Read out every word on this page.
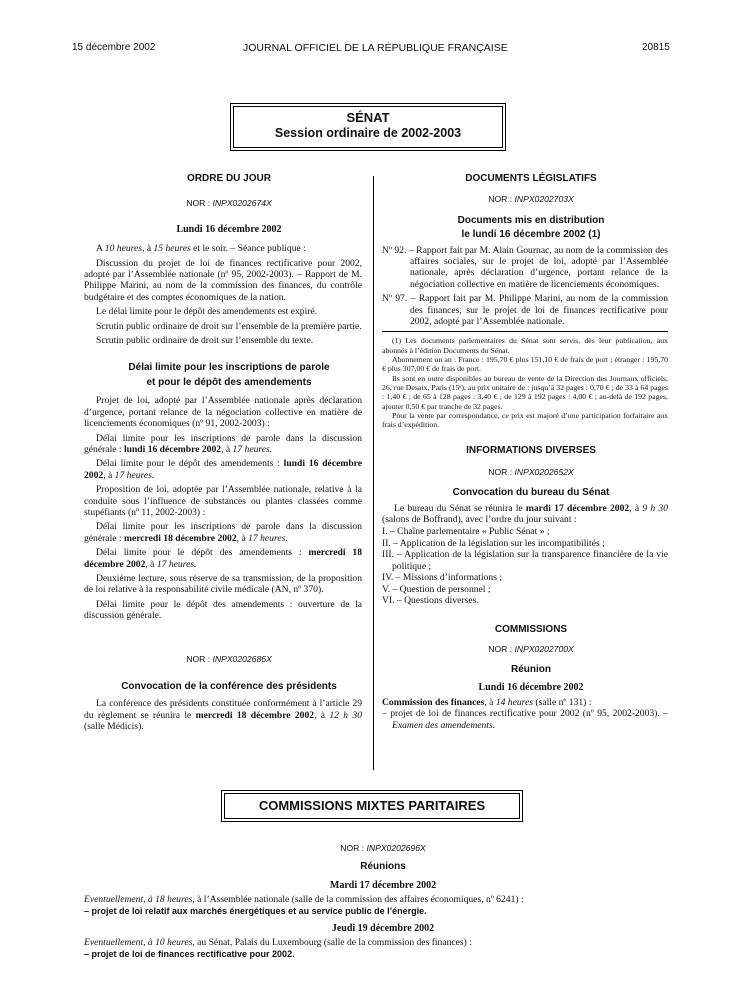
15 décembre 2002	JOURNAL OFFICIEL DE LA RÉPUBLIQUE FRANÇAISE	20815
SÉNAT
Session ordinaire de 2002-2003

ORDRE DU JOUR

NOR : INPX0202674X

Lundi 16 décembre 2002

A 10 heures, à 15 heures et le soir. – Séance publique :

Discussion du projet de loi de finances rectificative pour 2002, adopté par l’Assemblée nationale (nº 95, 2002-2003). – Rapport de M. Philippe Marini, au nom de la commission des finances, du contrôle budgétaire et des comptes économiques de la nation.

Le délai limite pour le dépôt des amendements est expiré.

Scrutin public ordinaire de droit sur l’ensemble de la première partie.

Scrutin public ordinaire de droit sur l’ensemble du texte.

Délai limite pour les inscriptions de parole

et pour le dépôt des amendements

Projet de loi, adopté par l’Assemblée nationale après déclaration d’urgence, portant relance de la négociation collective en matière de licenciements économiques (nº 91, 2002-2003) :

Délai limite pour les inscriptions de parole dans la discussion générale : lundi 16 décembre 2002, à 17 heures.

Délai limite pour le dépôt des amendements : lundi 16 décembre 2002, à 17 heures.

Proposition de loi, adoptée par l’Assemblée nationale, relative à la conduite sous l’influence de substances ou plantes classées comme stupéfiants (nº 11, 2002-2003) :

Délai limite pour les inscriptions de parole dans la discussion générale : mercredi 18 décembre 2002, à 17 heures.

Délai limite pour le dépôt des amendements : mercredi 18 décembre 2002, à 17 heures.

Deuxième lecture, sous réserve de sa transmission, de la proposition de loi relative à la responsabilité civile médicale (AN, nº 370).

Délai limite pour le dépôt des amendements : ouverture de la discussion générale.

NOR : INPX0202686X

Convocation de la conférence des présidents

La conférence des présidents constituée conformément à l’article 29 du règlement se réunira le mercredi 18 décembre 2002, à 12 h 30 (salle Médicis).

DOCUMENTS LÉGISLATIFS

NOR : INPX0202703X

Documents mis en distribution

le lundi 16 décembre 2002 (1)

Nº 92. – Rapport fait par M. Alain Gournac, au nom de la commission des affaires sociales, sur le projet de loi, adopté par l’Assemblée nationale, après déclaration d’urgence, portant relance de la négociation collective en matière de licenciements économiques.

Nº 97. – Rapport fait par M. Philippe Marini, au nom de la commission des finances, sur le projet de loi de finances rectificative pour 2002, adopté par l’Assemblée nationale.

(1) Les documents parlementaires du Sénat sont servis, dès leur publication, aux abonnés à l’édition Documents du Sénat.

Abonnement un an : France : 195,70 € plus 151,10 € de frais de port ; étranger : 195,70 € plus 307,00 € de frais de port.

Ils sont en outre disponibles au bureau de vente de la Direction des Journaux officiels, 26, rue Desaix, Paris (15ᵉ), au prix unitaire de : jusqu’à 32 pages : 0,70 € ; de 33 à 64 pages : 1,40 € ; de 65 à 128 pages : 3,40 € ; de 129 à 192 pages : 4,00 € ; au-delà de 192 pages, ajouter 0,50 € par tranche de 32 pages.

Pour la vente par correspondance, ce prix est majoré d’une participation forfaitaire aux frais d’expédition.

INFORMATIONS DIVERSES

NOR : INPX0202652X

Convocation du bureau du Sénat

Le bureau du Sénat se réunira le mardi 17 décembre 2002, à 9 h 30 (salons de Boffrand), avec l’ordre du jour suivant :

I. – Chaîne parlementaire « Public Sénat » ;

II. – Application de la législation sur les incompatibilités ;

III. – Application de la législation sur la transparence financière de la vie politique ;

IV. – Missions d’informations ;

V. – Question de personnel ;

VI. – Questions diverses.

COMMISSIONS

NOR : INPX0202700X

Réunion

Lundi 16 décembre 2002

Commission des finances, à 14 heures (salle nº 131) :

– projet de loi de finances rectificative pour 2002 (nº 95, 2002-2003). – Examen des amendements.

COMMISSIONS MIXTES PARITAIRES

NOR : INPX0202696X

Réunions

Mardi 17 décembre 2002

Eventuellement, à 18 heures, à l’Assemblée nationale (salle de la commission des affaires économiques, nº 6241) :

– projet de loi relatif aux marchés énergétiques et au service public de l’énergie.

Jeudi 19 décembre 2002

Eventuellement, à 10 heures, au Sénat, Palais du Luxembourg (salle de la commission des finances) :

– projet de loi de finances rectificative pour 2002.
